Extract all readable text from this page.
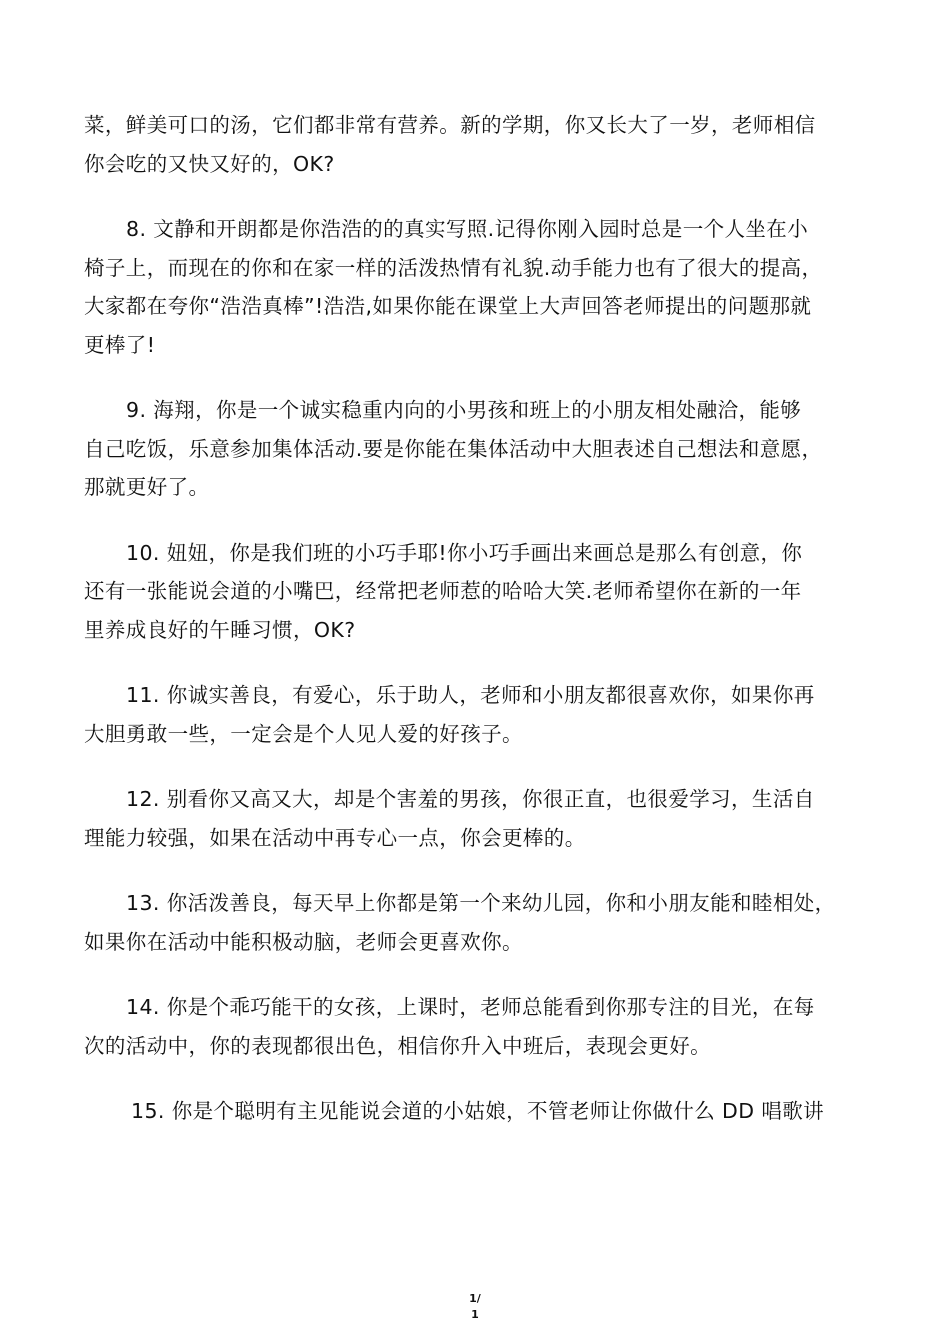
菜，鲜美可口的汤，它们都非常有营养。新的学期，你又长大了一岁，老师相信
你会吃的又快又好的，OK?

8. 文静和开朗都是你浩浩的的真实写照.记得你刚入园时总是一个人坐在小
椅子上，而现在的你和在家一样的活泼热情有礼貌.动手能力也有了很大的提高，
大家都在夸你“浩浩真棒”!浩浩,如果你能在课堂上大声回答老师提出的问题那就
更棒了!

9. 海翔，你是一个诚实稳重内向的小男孩和班上的小朋友相处融洽，能够
自己吃饭，乐意参加集体活动.要是你能在集体活动中大胆表述自己想法和意愿，
那就更好了。

10. 妞妞，你是我们班的小巧手耶!你小巧手画出来画总是那么有创意，你
还有一张能说会道的小嘴巴，经常把老师惹的哈哈大笑.老师希望你在新的一年
里养成良好的午睡习惯，OK?

11. 你诚实善良，有爱心，乐于助人，老师和小朋友都很喜欢你，如果你再
大胆勇敢一些，一定会是个人见人爱的好孩子。

12. 别看你又高又大，却是个害羞的男孩，你很正直，也很爱学习，生活自
理能力较强，如果在活动中再专心一点，你会更棒的。

13. 你活泼善良，每天早上你都是第一个来幼儿园，你和小朋友能和睦相处，
如果你在活动中能积极动脑，老师会更喜欢你。

14. 你是个乖巧能干的女孩，上课时，老师总能看到你那专注的目光，在每
次的活动中，你的表现都很出色，相信你升入中班后，表现会更好。

15. 你是个聪明有主见能说会道的小姑娘，不管老师让你做什么 DD 唱歌讲

1/
1
